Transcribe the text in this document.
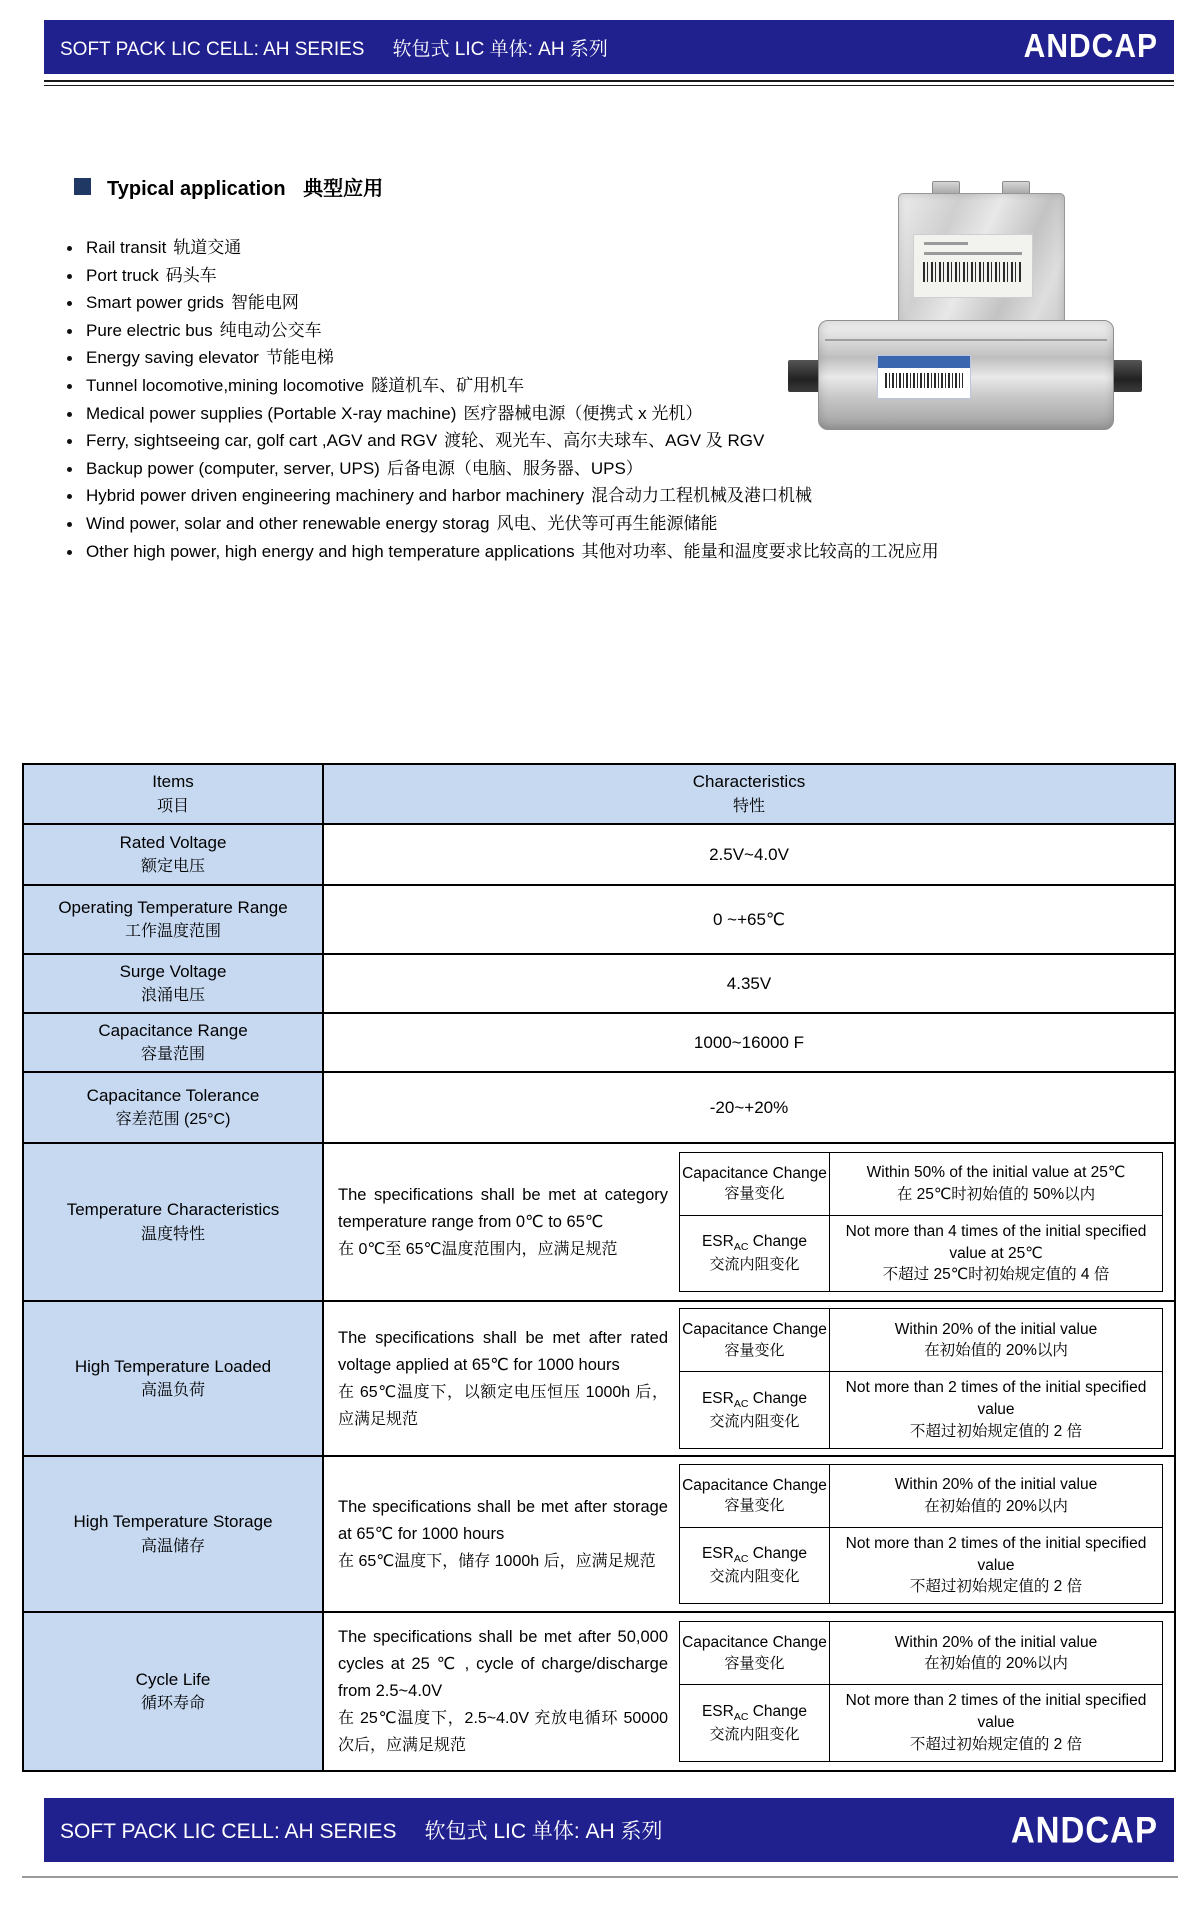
SOFT PACK LIC CELL: AH SERIES 软包式 LIC 单体: AH 系列	ANDCAP
Typical application 典型应用
Rail transit 轨道交通
Port truck 码头车
Smart power grids 智能电网
Pure electric bus 纯电动公交车
Energy saving elevator 节能电梯
Tunnel locomotive,mining locomotive 隧道机车、矿用机车
Medical power supplies (Portable X-ray machine) 医疗器械电源（便携式 x 光机）
Ferry, sightseeing car, golf cart ,AGV and RGV 渡轮、观光车、高尔夫球车、AGV 及 RGV
Backup power (computer, server, UPS) 后备电源（电脑、服务器、UPS）
Hybrid power driven engineering machinery and harbor machinery 混合动力工程机械及港口机械
Wind power, solar and other renewable energy storag 风电、光伏等可再生能源储能
Other high power, high energy and high temperature applications 其他对功率、能量和温度要求比较高的工况应用
Items
项目
Characteristics
特性
Rated Voltage
额定电压
2.5V~4.0V
Operating Temperature Range
工作温度范围
0 ~+65℃
Surge Voltage
浪涌电压
4.35V
Capacitance Range
容量范围
1000~16000 F
Capacitance Tolerance
容差范围 (25°C)
-20~+20%
Temperature Characteristics
温度特性
The specifications shall be met at category temperature range from 0℃ to 65℃
在 0℃至 65℃温度范围内，应满足规范
Capacitance Change
容量变化
Within 50% of the initial value at 25℃
在 25℃时初始值的 50%以内
$ESR_{AC}$ Change
交流内阻变化
Not more than 4 times of the initial specified value at 25℃
不超过 25℃时初始规定值的 4 倍
High Temperature Loaded
高温负荷
The specifications shall be met after rated voltage applied at 65℃ for 1000 hours
在 65℃温度下，以额定电压恒压 1000h 后，应满足规范
Capacitance Change
容量变化
Within 20% of the initial value
在初始值的 20%以内
$ESR_{AC}$ Change
交流内阻变化
Not more than 2 times of the initial specified value
不超过初始规定值的 2 倍
High Temperature Storage
高温储存
The specifications shall be met after storage at 65℃ for 1000 hours
在 65℃温度下，储存 1000h 后，应满足规范
Capacitance Change
容量变化
Within 20% of the initial value
在初始值的 20%以内
$ESR_{AC}$ Change
交流内阻变化
Not more than 2 times of the initial specified value
不超过初始规定值的 2 倍
Cycle Life
循环寿命
The specifications shall be met after 50,000 cycles at 25 ℃ , cycle of charge/discharge from 2.5~4.0V
在 25℃温度下，2.5~4.0V 充放电循环 50000 次后，应满足规范
Capacitance Change
容量变化
Within 20% of the initial value
在初始值的 20%以内
$ESR_{AC}$ Change
交流内阻变化
Not more than 2 times of the initial specified value
不超过初始规定值的 2 倍
SOFT PACK LIC CELL: AH SERIES 软包式 LIC 单体: AH 系列	ANDCAP
